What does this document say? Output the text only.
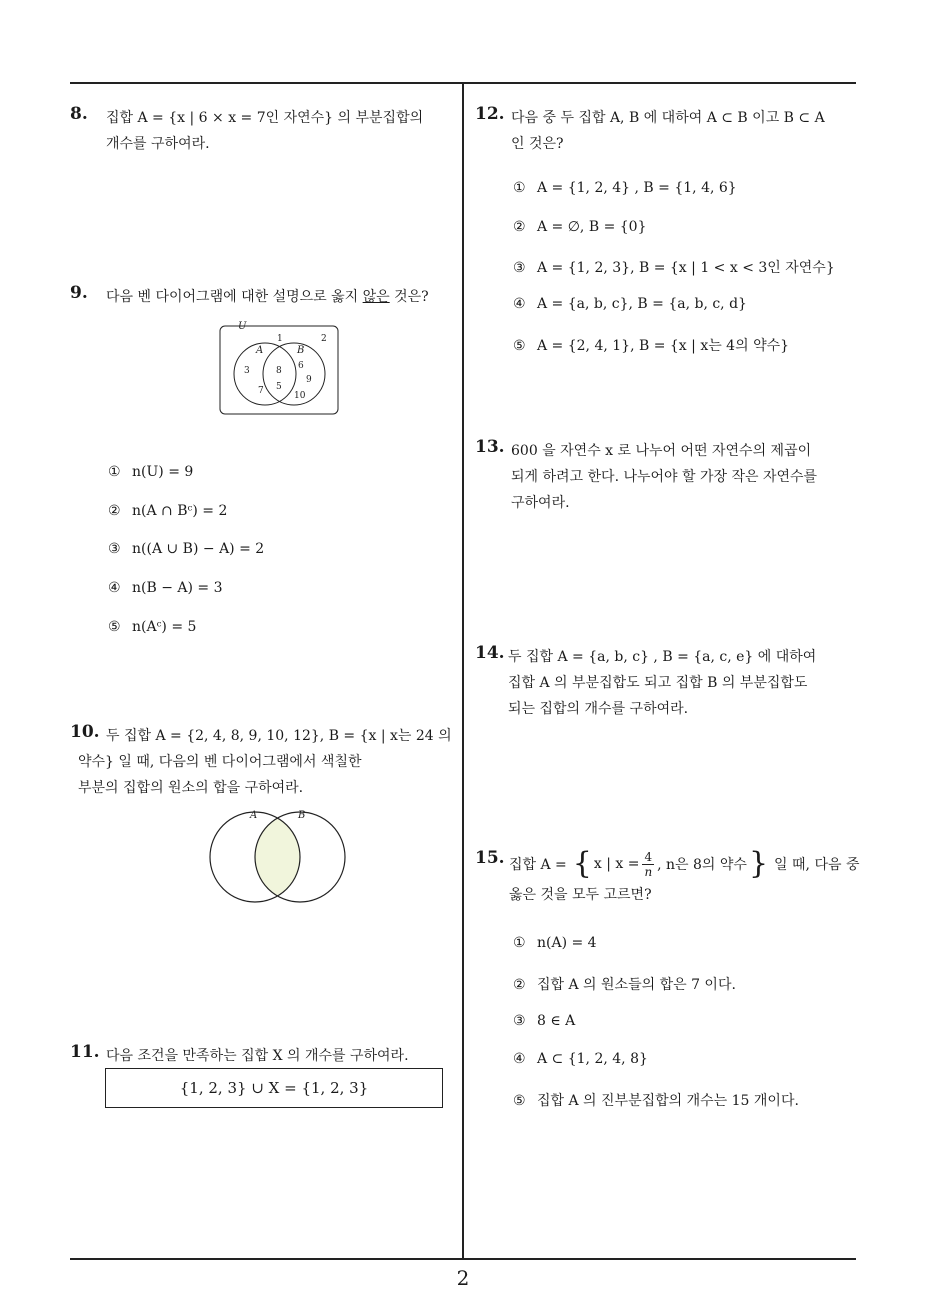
8. 집합 A = {x | 6 × x = 7인 자연수} 의 부분집합의
개수를 구하여라.
9. 다음 벤 다이어그램에 대한 설명으로 옳지 않은 것은?
U
A	B
1	2
3	8 6
7 5
9
10
① n(U) = 9
② n(A ∩ Bᶜ) = 2
③ n((A ∪ B) − A) = 2
④ n(B − A) = 3
⑤ n(Aᶜ) = 5
10. 두 집합 A = {2, 4, 8, 9, 10, 12}, B = {x | x는 24 의
약수} 일 때, 다음의 벤 다이어그램에서 색칠한
부분의 집합의 원소의 합을 구하여라.
A	B
11. 다음 조건을 만족하는 집합 X 의 개수를 구하여라.
{1, 2, 3} ∪ X = {1, 2, 3}
12. 다음 중 두 집합 A, B 에 대하여 A ⊂ B 이고 B ⊂ A
인 것은?
① A = {1, 2, 4} , B = {1, 4, 6}
② A = ∅, B = {0}
③ A = {1, 2, 3}, B = {x | 1 < x < 3인 자연수}
④ A = {a, b, c}, B = {a, b, c, d}
⑤ A = {2, 4, 1}, B = {x | x는 4의 약수}
13. 600 을 자연수 x 로 나누어 어떤 자연수의 제곱이
되게 하려고 한다. 나누어야 할 가장 작은 자연수를
구하여라.
14. 두 집합 A = {a, b, c} , B = {a, c, e} 에 대하여
집합 A 의 부분집합도 되고 집합 B 의 부분집합도
되는 집합의 개수를 구하여라.
15. 집합 A = { x | $x = \frac{4}{n}$ , n은 8의 약수 } 일 때, 다음 중
옳은 것을 모두 고르면?
① n(A) = 4
② 집합 A 의 원소들의 합은 7 이다.
③ 8 ∈ A
④ A ⊂ {1, 2, 4, 8}
⑤ 집합 A 의 진부분집합의 개수는 15 개이다.
2
